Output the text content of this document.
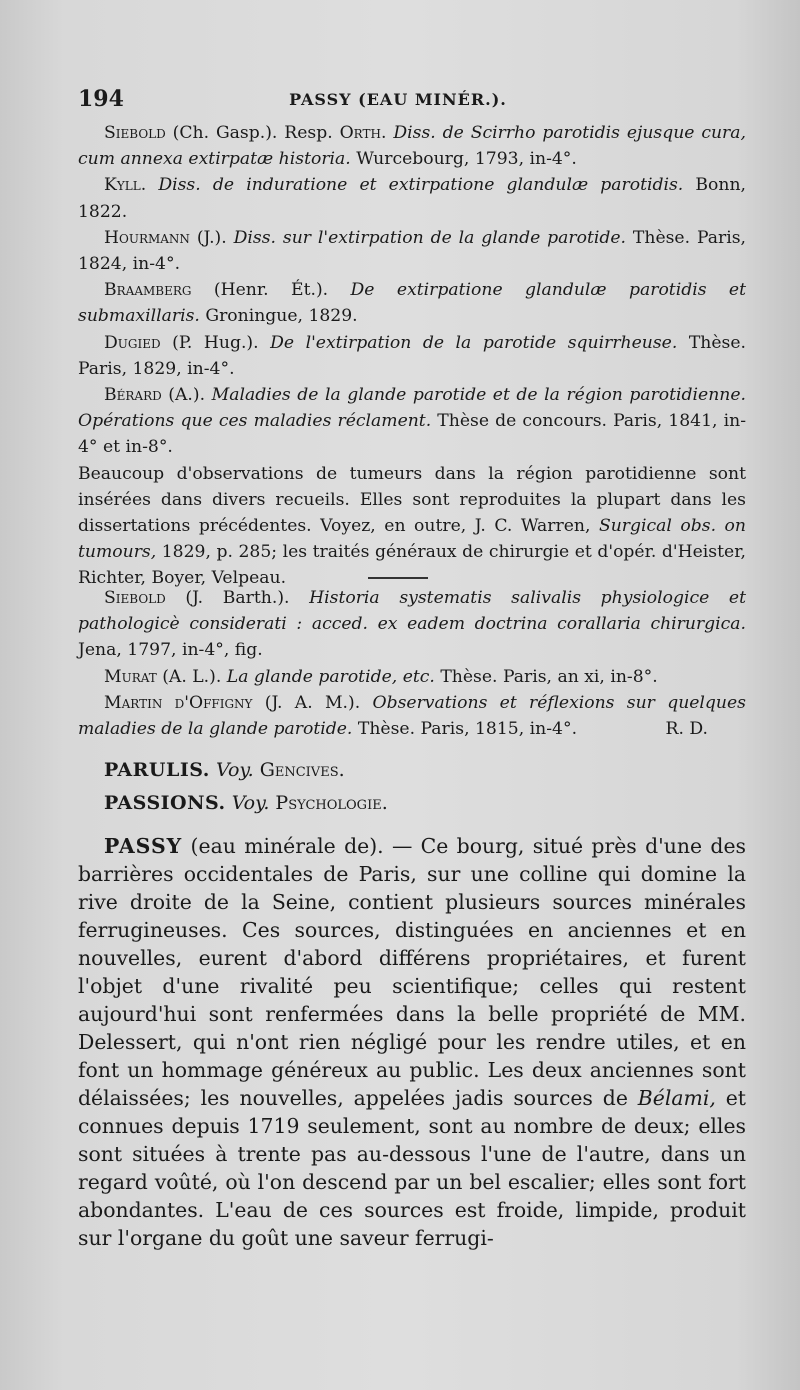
194	PASSY (EAU MINÉR.).

Siebold (Ch. Gasp.). Resp. Orth. Diss. de Scirrho parotidis ejusque cura, cum annexa extirpatæ historia. Wurcebourg, 1793, in-4°.

Kyll. Diss. de induratione et extirpatione glandulæ parotidis. Bonn, 1822.

Hourmann (J.). Diss. sur l'extirpation de la glande parotide. Thèse. Paris, 1824, in-4°.

Braamberg (Henr. Ét.). De extirpatione glandulæ parotidis et submaxillaris. Groningue, 1829.

Dugied (P. Hug.). De l'extirpation de la parotide squirrheuse. Thèse. Paris, 1829, in-4°.

Bérard (A.). Maladies de la glande parotide et de la région parotidienne. Opérations que ces maladies réclament. Thèse de concours. Paris, 1841, in-4° et in-8°.

Beaucoup d'observations de tumeurs dans la région parotidienne sont insérées dans divers recueils. Elles sont reproduites la plupart dans les dissertations précédentes. Voyez, en outre, J. C. Warren, Surgical obs. on tumours, 1829, p. 285; les traités généraux de chirurgie et d'opér. d'Heister, Richter, Boyer, Velpeau.

Siebold (J. Barth.). Historia systematis salivalis physiologice et pathologicè considerati : acced. ex eadem doctrina corallaria chirurgica. Jena, 1797, in-4°, fig.

Murat (A. L.). La glande parotide, etc. Thèse. Paris, an xi, in-8°.

Martin d'Offigny (J. A. M.). Observations et réflexions sur quelques maladies de la glande parotide. Thèse. Paris, 1815, in-4°.	R. D.

PARULIS. Voy. Gencives.

PASSIONS. Voy. Psychologie.

PASSY (eau minérale de). — Ce bourg, situé près d'une des barrières occidentales de Paris, sur une colline qui domine la rive droite de la Seine, contient plusieurs sources minérales ferrugineuses. Ces sources, distinguées en anciennes et en nouvelles, eurent d'abord différens propriétaires, et furent l'objet d'une rivalité peu scientifique; celles qui restent aujourd'hui sont renfermées dans la belle propriété de MM. Delessert, qui n'ont rien négligé pour les rendre utiles, et en font un hommage généreux au public. Les deux anciennes sont délaissées; les nouvelles, appelées jadis sources de Bélami, et connues depuis 1719 seulement, sont au nombre de deux; elles sont situées à trente pas au-dessous l'une de l'autre, dans un regard voûté, où l'on descend par un bel escalier; elles sont fort abondantes. L'eau de ces sources est froide, limpide, produit sur l'organe du goût une saveur ferrugi-
